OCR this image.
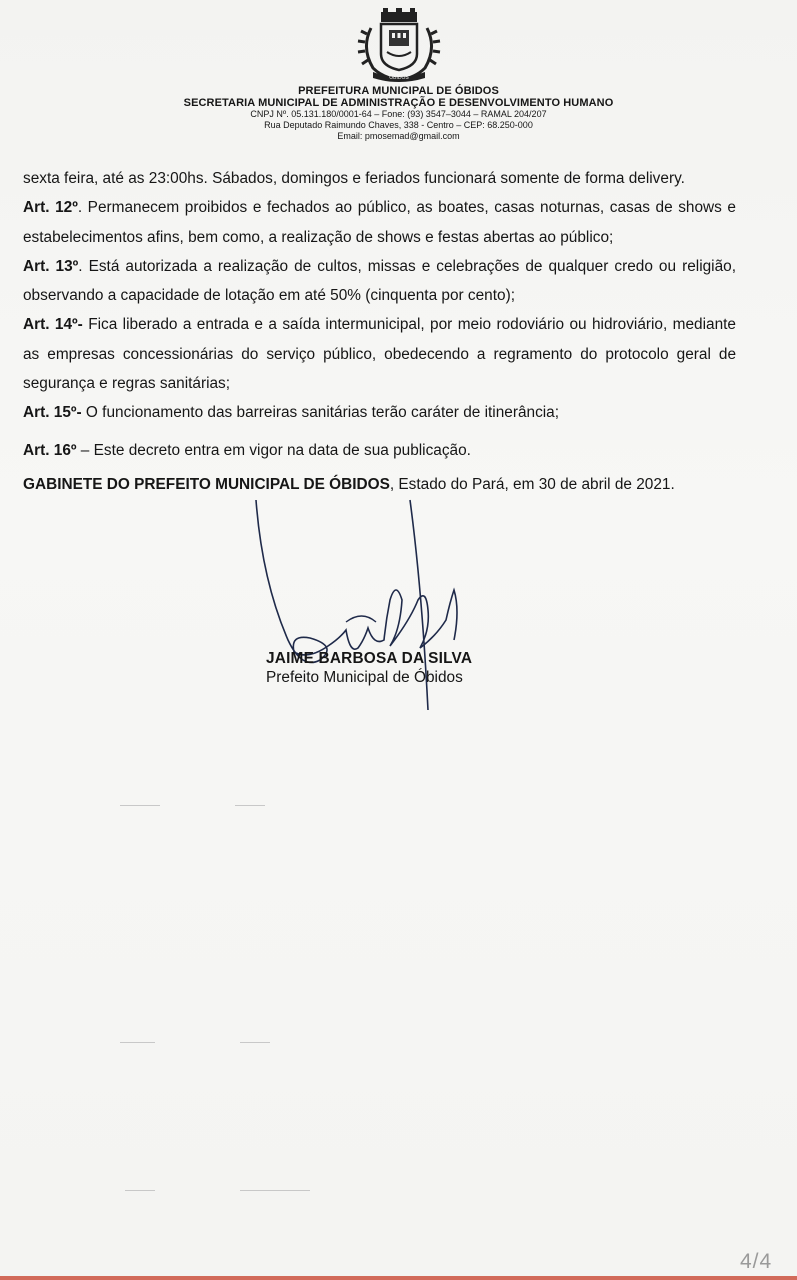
ÓBIDOS
PREFEITURA MUNICIPAL DE ÓBIDOS
SECRETARIA MUNICIPAL DE ADMINISTRAÇÃO E DESENVOLVIMENTO HUMANO
CNPJ Nº. 05.131.180/0001-64 – Fone: (93) 3547–3044 – RAMAL 204/207
Rua Deputado Raimundo Chaves, 338 - Centro – CEP: 68.250-000
Email: pmosemad@gmail.com

sexta feira, até as 23:00hs. Sábados, domingos e feriados funcionará somente de forma delivery.

Art. 12º. Permanecem proibidos e fechados ao público, as boates, casas noturnas, casas de shows e estabelecimentos afins, bem como, a realização de shows e festas abertas ao público;

Art. 13º. Está autorizada a realização de cultos, missas e celebrações de qualquer credo ou religião, observando a capacidade de lotação em até 50% (cinquenta por cento);

Art. 14º- Fica liberado a entrada e a saída intermunicipal, por meio rodoviário ou hidroviário, mediante as empresas concessionárias do serviço público, obedecendo a regramento do protocolo geral de segurança e regras sanitárias;

Art. 15º- O funcionamento das barreiras sanitárias terão caráter de itinerância;

Art. 16º – Este decreto entra em vigor na data de sua publicação.

GABINETE DO PREFEITO MUNICIPAL DE ÓBIDOS, Estado do Pará, em 30 de abril de 2021.

JAIME BARBOSA DA SILVA
Prefeito Municipal de Óbidos
4/4
